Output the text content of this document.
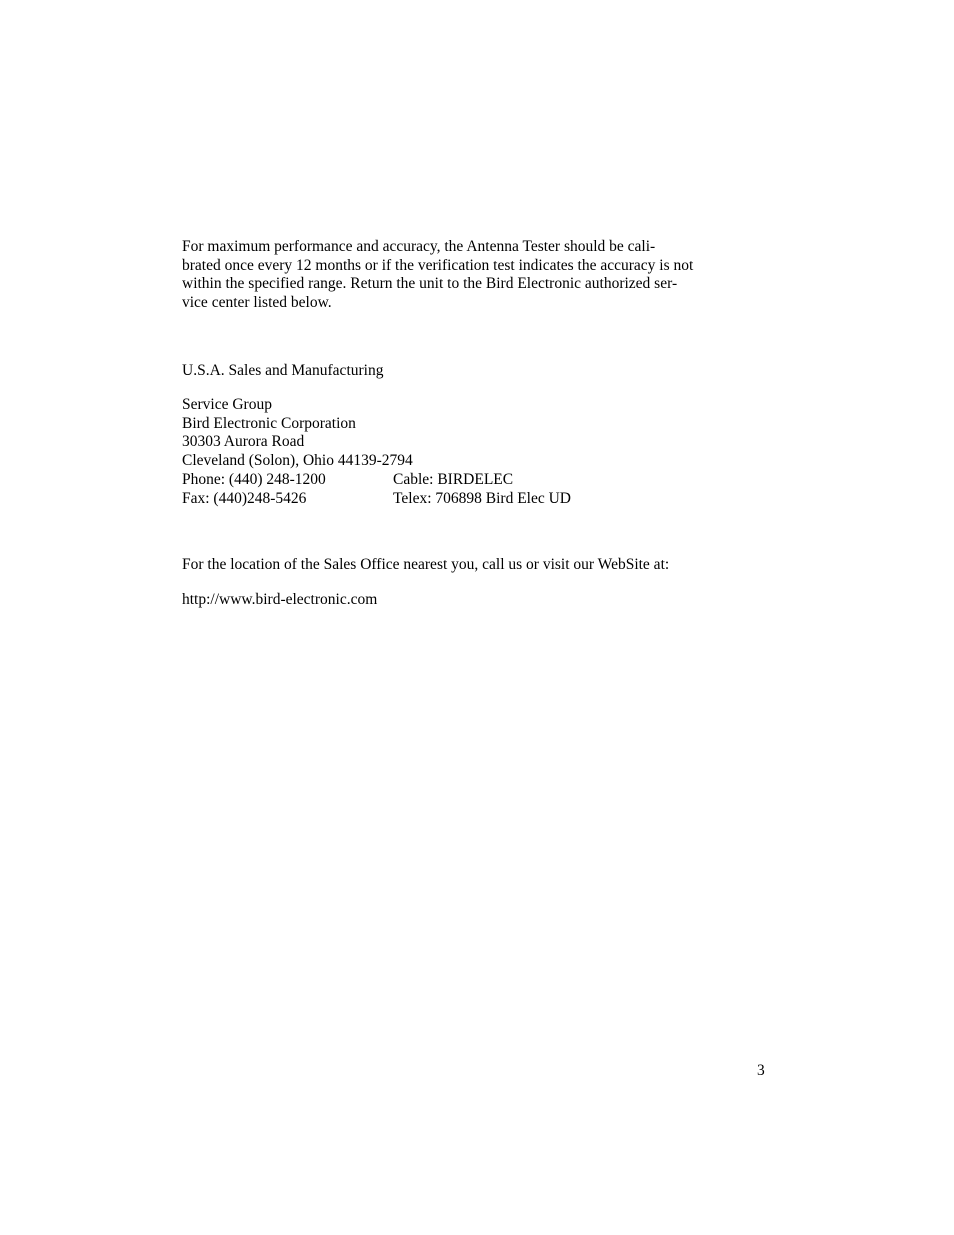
For maximum performance and accuracy, the Antenna Tester should be cali-
brated once every 12 months or if the verification test indicates the accuracy is not
within the specified range. Return the unit to the Bird Electronic authorized ser-
vice center listed below.
U.S.A. Sales and Manufacturing
Service Group
Bird Electronic Corporation
30303 Aurora Road
Cleveland (Solon), Ohio 44139-2794
Phone: (440) 248-1200	Cable: BIRDELEC
Fax: (440)248-5426	Telex: 706898 Bird Elec UD
For the location of the Sales Office nearest you, call us or visit our WebSite at:
http://www.bird-electronic.com
3
